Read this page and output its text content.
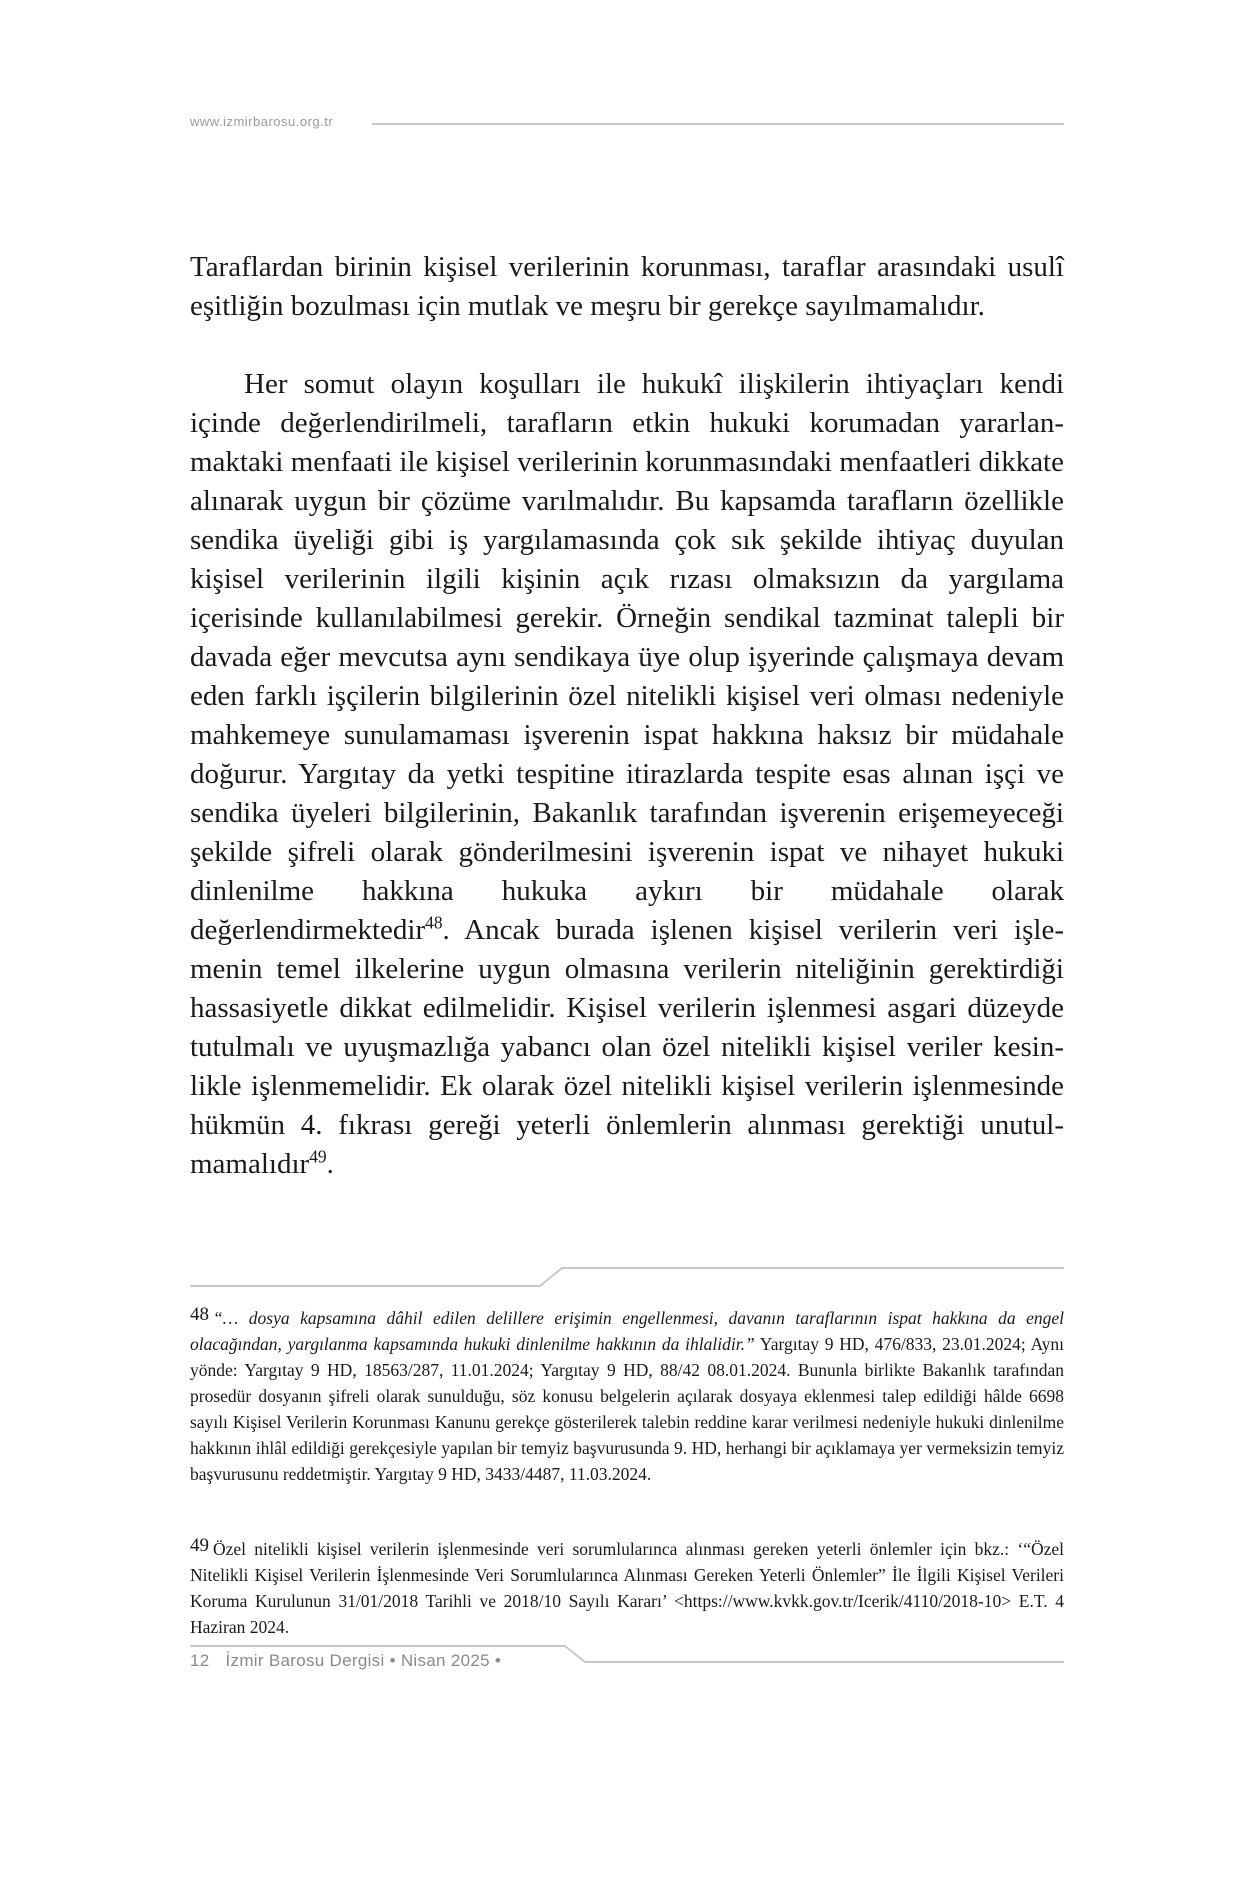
www.izmirbarosu.org.tr

Taraflardan birinin kişisel verilerinin korunması, taraflar arasındaki usulî eşitliğin bozulması için mutlak ve meşru bir gerekçe sayılmamalıdır.

Her somut olayın koşulları ile hukukî ilişkilerin ihtiyaçları kendi içinde değerlendirilmeli, tarafların etkin hukuki korumadan yararlanmaktaki menfaati ile kişisel verilerinin korunmasındaki menfaatleri dikkate alınarak uygun bir çözüme varılmalıdır. Bu kapsamda tarafların özellikle sendika üyeliği gibi iş yargılamasında çok sık şekilde ihtiyaç duyulan kişisel verilerinin ilgili kişinin açık rızası olmaksızın da yargılama içerisinde kullanılabilmesi gerekir. Örneğin sendikal tazminat talepli bir davada eğer mevcutsa aynı sendikaya üye olup işyerinde çalışmaya devam eden farklı işçilerin bilgilerinin özel nitelikli kişisel veri olması nedeniyle mahkemeye sunulamaması işverenin ispat hakkına haksız bir müdahale doğurur. Yargıtay da yetki tespitine itirazlarda tespite esas alınan işçi ve sendika üyeleri bilgilerinin, Bakanlık tarafından işverenin erişemeyeceği şekilde şifreli olarak gönderilmesini işverenin ispat ve nihayet hukuki dinlenilme hakkına hukuka aykırı bir müdahale olarak değerlendirmektedir$^{48}$. Ancak burada işlenen kişisel verilerin veri işlemenin temel ilkelerine uygun olmasına verilerin niteliğinin gerektirdiği hassasiyetle dikkat edilmelidir. Kişisel verilerin işlenmesi asgari düzeyde tutulmalı ve uyuşmazlığa yabancı olan özel nitelikli kişisel veriler kesinlikle işlenmemelidir. Ek olarak özel nitelikli kişisel verilerin işlenmesinde hükmün 4. fıkrası gereği yeterli önlemlerin alınması gerektiği unutulmamalıdır$^{49}$.

48 “… dosya kapsamına dâhil edilen delillere erişimin engellenmesi, davanın taraflarının ispat hakkına da engel olacağından, yargılanma kapsamında hukuki dinlenilme hakkının da ihlalidir.” Yargıtay 9 HD, 476/833, 23.01.2024; Aynı yönde: Yargıtay 9 HD, 18563/287, 11.01.2024; Yargıtay 9 HD, 88/42 08.01.2024. Bununla birlikte Bakanlık tarafından prosedür dosyanın şifreli olarak sunulduğu, söz konusu belgelerin açılarak dosyaya eklenmesi talep edildiği hâlde 6698 sayılı Kişisel Verilerin Korunması Kanunu gerekçe gösterilerek talebin reddine karar verilmesi nedeniyle hukuki dinlenilme hakkının ihlâl edildiği gerekçesiyle yapılan bir temyiz başvurusunda 9. HD, herhangi bir açıklamaya yer vermeksizin temyiz başvurusunu reddetmiştir. Yargıtay 9 HD, 3433/4487, 11.03.2024.
49 Özel nitelikli kişisel verilerin işlenmesinde veri sorumlularınca alınması gereken yeterli önlemler için bkz.: ‘“Özel Nitelikli Kişisel Verilerin İşlenmesinde Veri Sorumlularınca Alınması Gereken Yeterli Önlemler” İle İlgili Kişisel Verileri Koruma Kurulunun 31/01/2018 Tarihli ve 2018/10 Sayılı Kararı’ <https://www.kvkk.gov.tr/Icerik/4110/2018-10> E.T. 4 Haziran 2024.
12 İzmir Barosu Dergisi • Nisan 2025 •
